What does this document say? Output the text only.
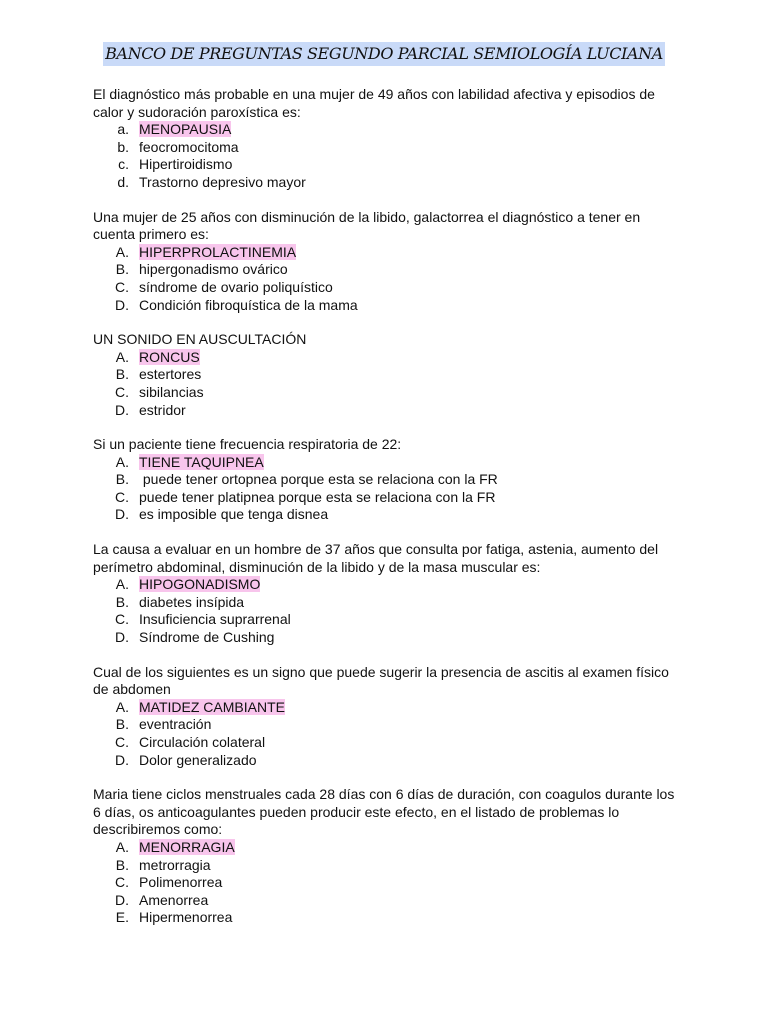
BANCO DE PREGUNTAS SEGUNDO PARCIAL SEMIOLOGÍA LUCIANA
El diagnóstico más probable en una mujer de 49 años con labilidad afectiva y episodios de calor y sudoración paroxística es:
a. MENOPAUSIA
b. feocromocitoma
c. Hipertiroidismo
d. Trastorno depresivo mayor
Una mujer de 25 años con disminución de la libido, galactorrea el diagnóstico a tener en cuenta primero es:
A. HIPERPROLACTINEMIA
B. hipergonadismo ovárico
C. síndrome de ovario poliquístico
D. Condición fibroquística de la mama
UN SONIDO EN AUSCULTACIÓN
A. RONCUS
B. estertores
C. sibilancias
D. estridor
Si un paciente tiene frecuencia respiratoria de 22:
A. TIENE TAQUIPNEA
B. puede tener ortopnea porque esta se relaciona con la FR
C. puede tener platipnea porque esta se relaciona con la FR
D. es imposible que tenga disnea
La causa a evaluar en un hombre de 37 años que consulta por fatiga, astenia, aumento del perímetro abdominal, disminución de la libido y de la masa muscular es:
A. HIPOGONADISMO
B. diabetes insípida
C. Insuficiencia suprarrenal
D. Síndrome de Cushing
Cual de los siguientes es un signo que puede sugerir la presencia de ascitis al examen físico de abdomen
A. MATIDEZ CAMBIANTE
B. eventración
C. Circulación colateral
D. Dolor generalizado
Maria tiene ciclos menstruales cada 28 días con 6 días de duración, con coagulos durante los 6 días, os anticoagulantes pueden producir este efecto, en el listado de problemas lo describiremos como:
A. MENORRAGIA
B. metrorragia
C. Polimenorrea
D. Amenorrea
E. Hipermenorrea
